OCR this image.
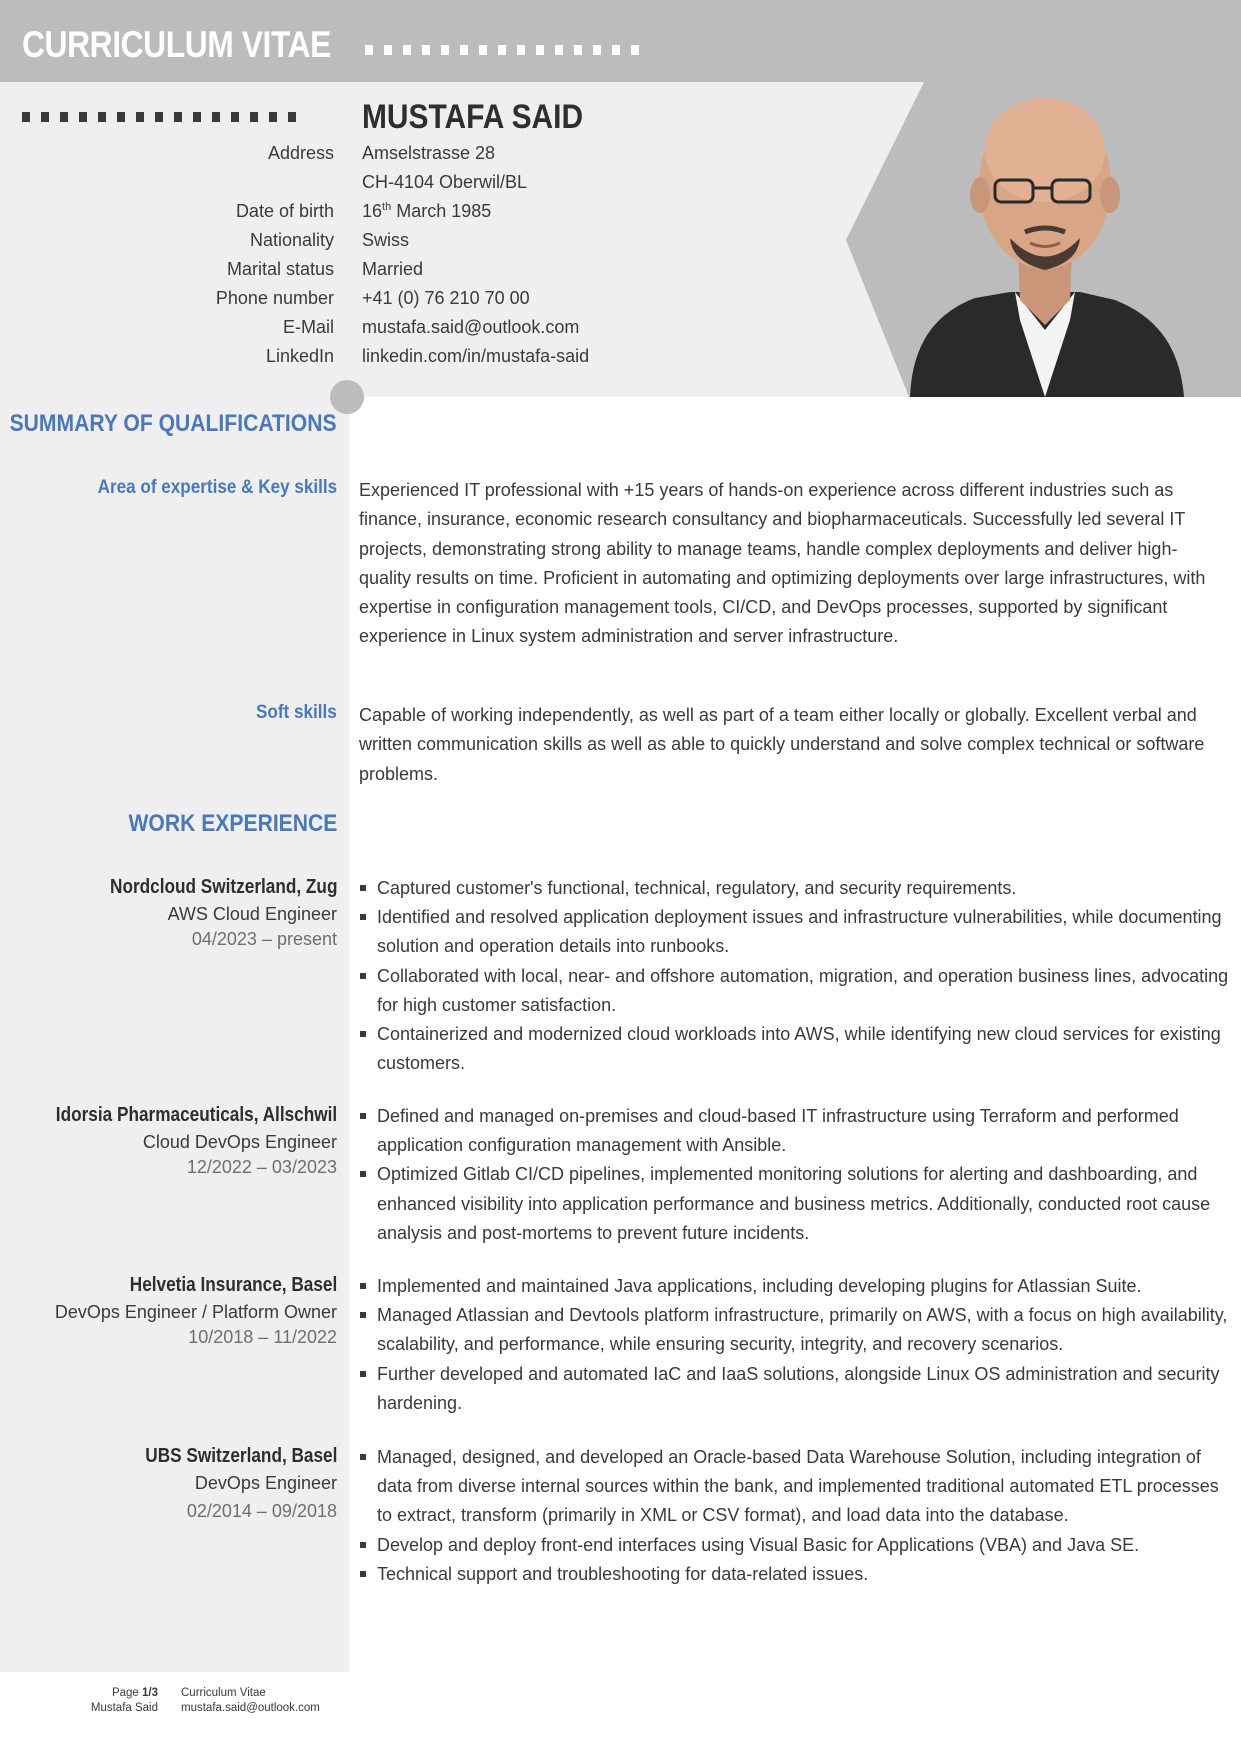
CURRICULUM VITAE
MUSTAFA SAID
Address Amselstrasse 28
CH-4104 Oberwil/BL
Date of birth 16th March 1985
Nationality Swiss
Marital status Married
Phone number +41 (0) 76 210 70 00
E-Mail mustafa.said@outlook.com
LinkedIn linkedin.com/in/mustafa-said
SUMMARY OF QUALIFICATIONS
Area of expertise & Key skills Experienced IT professional with +15 years of hands-on experience across different industries such as finance, insurance, economic research consultancy and biopharmaceuticals. Successfully led several IT projects, demonstrating strong ability to manage teams, handle complex deployments and deliver high-quality results on time. Proficient in automating and optimizing deployments over large infrastructures, with expertise in configuration management tools, CI/CD, and DevOps processes, supported by significant experience in Linux system administration and server infrastructure.
Soft skills Capable of working independently, as well as part of a team either locally or globally. Excellent verbal and written communication skills as well as able to quickly understand and solve complex technical or software problems.
WORK EXPERIENCE
Nordcloud Switzerland, Zug
AWS Cloud Engineer
04/2023 – present
Captured customer's functional, technical, regulatory, and security requirements.
Identified and resolved application deployment issues and infrastructure vulnerabilities, while documenting solution and operation details into runbooks.
Collaborated with local, near- and offshore automation, migration, and operation business lines, advocating for high customer satisfaction.
Containerized and modernized cloud workloads into AWS, while identifying new cloud services for existing customers.
Idorsia Pharmaceuticals, Allschwil
Cloud DevOps Engineer
12/2022 – 03/2023
Defined and managed on-premises and cloud-based IT infrastructure using Terraform and performed application configuration management with Ansible.
Optimized Gitlab CI/CD pipelines, implemented monitoring solutions for alerting and dashboarding, and enhanced visibility into application performance and business metrics. Additionally, conducted root cause analysis and post-mortems to prevent future incidents.
Helvetia Insurance, Basel
DevOps Engineer / Platform Owner
10/2018 – 11/2022
Implemented and maintained Java applications, including developing plugins for Atlassian Suite.
Managed Atlassian and Devtools platform infrastructure, primarily on AWS, with a focus on high availability, scalability, and performance, while ensuring security, integrity, and recovery scenarios.
Further developed and automated IaC and IaaS solutions, alongside Linux OS administration and security hardening.
UBS Switzerland, Basel
DevOps Engineer
02/2014 – 09/2018
Managed, designed, and developed an Oracle-based Data Warehouse Solution, including integration of data from diverse internal sources within the bank, and implemented traditional automated ETL processes to extract, transform (primarily in XML or CSV format), and load data into the database.
Develop and deploy front-end interfaces using Visual Basic for Applications (VBA) and Java SE.
Technical support and troubleshooting for data-related issues.
Page 1/3
Mustafa Said
Curriculum Vitae
mustafa.said@outlook.com
